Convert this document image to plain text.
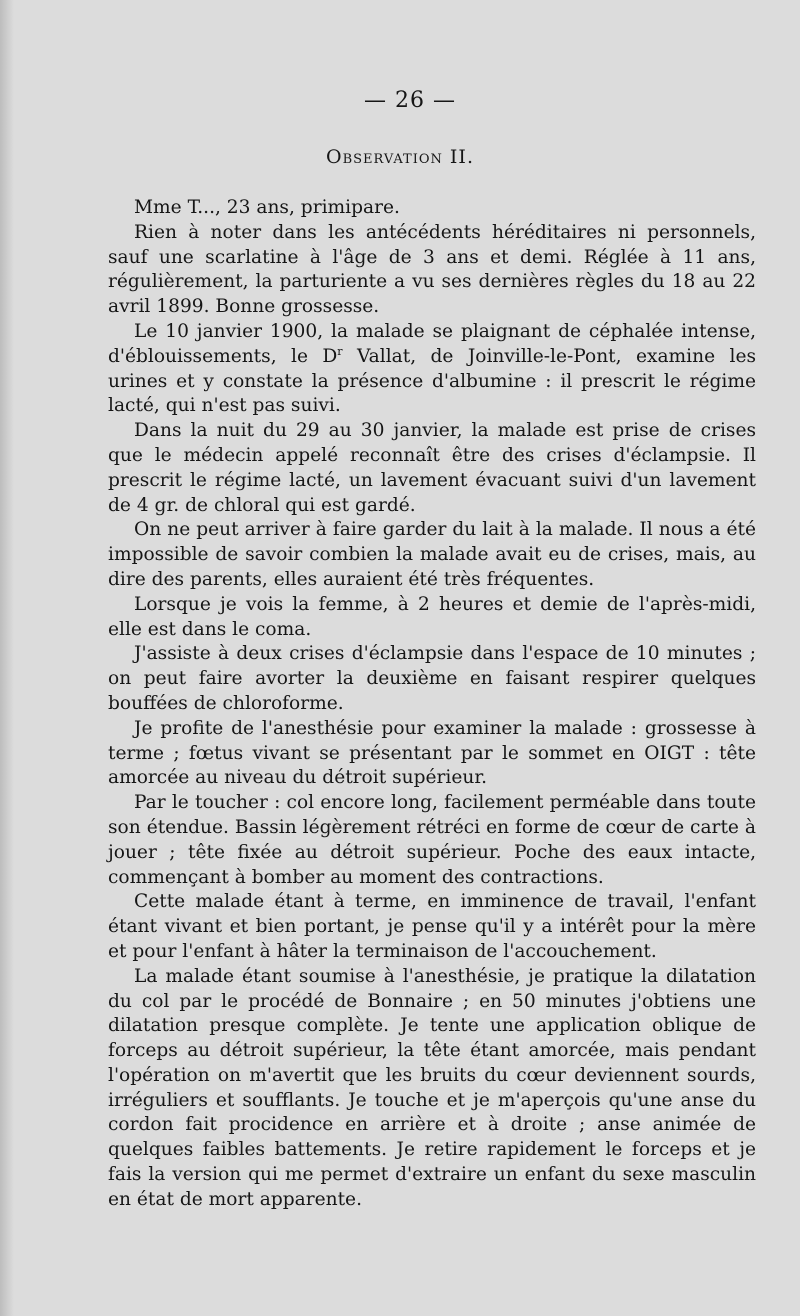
— 26 —
Observation II.

Mme T..., 23 ans, primipare.

Rien à noter dans les antécédents héréditaires ni personnels, sauf une scarlatine à l'âge de 3 ans et demi. Réglée à 11 ans, régulièrement, la parturiente a vu ses dernières règles du 18 au 22 avril 1899. Bonne grossesse.

Le 10 janvier 1900, la malade se plaignant de céphalée intense, d'éblouissements, le $D^r$ Vallat, de Joinville-le-Pont, examine les urines et y constate la présence d'albumine : il prescrit le régime lacté, qui n'est pas suivi.

Dans la nuit du 29 au 30 janvier, la malade est prise de crises que le médecin appelé reconnaît être des crises d'éclampsie. Il prescrit le régime lacté, un lavement évacuant suivi d'un lavement de 4 gr. de chloral qui est gardé.

On ne peut arriver à faire garder du lait à la malade. Il nous a été impossible de savoir combien la malade avait eu de crises, mais, au dire des parents, elles auraient été très fréquentes.

Lorsque je vois la femme, à 2 heures et demie de l'après-midi, elle est dans le coma.

J'assiste à deux crises d'éclampsie dans l'espace de 10 minutes ; on peut faire avorter la deuxième en faisant respirer quelques bouffées de chloroforme.

Je profite de l'anesthésie pour examiner la malade : grossesse à terme ; fœtus vivant se présentant par le sommet en OIGT : tête amorcée au niveau du détroit supérieur.

Par le toucher : col encore long, facilement perméable dans toute son étendue. Bassin légèrement rétréci en forme de cœur de carte à jouer ; tête fixée au détroit supérieur. Poche des eaux intacte, commençant à bomber au moment des contractions.

Cette malade étant à terme, en imminence de travail, l'enfant étant vivant et bien portant, je pense qu'il y a intérêt pour la mère et pour l'enfant à hâter la terminaison de l'accouchement.

La malade étant soumise à l'anesthésie, je pratique la dilatation du col par le procédé de Bonnaire ; en 50 minutes j'obtiens une dilatation presque complète. Je tente une application oblique de forceps au détroit supérieur, la tête étant amorcée, mais pendant l'opération on m'avertit que les bruits du cœur deviennent sourds, irréguliers et soufflants. Je touche et je m'aperçois qu'une anse du cordon fait procidence en arrière et à droite ; anse animée de quelques faibles battements. Je retire rapidement le forceps et je fais la version qui me permet d'extraire un enfant du sexe masculin en état de mort apparente.
